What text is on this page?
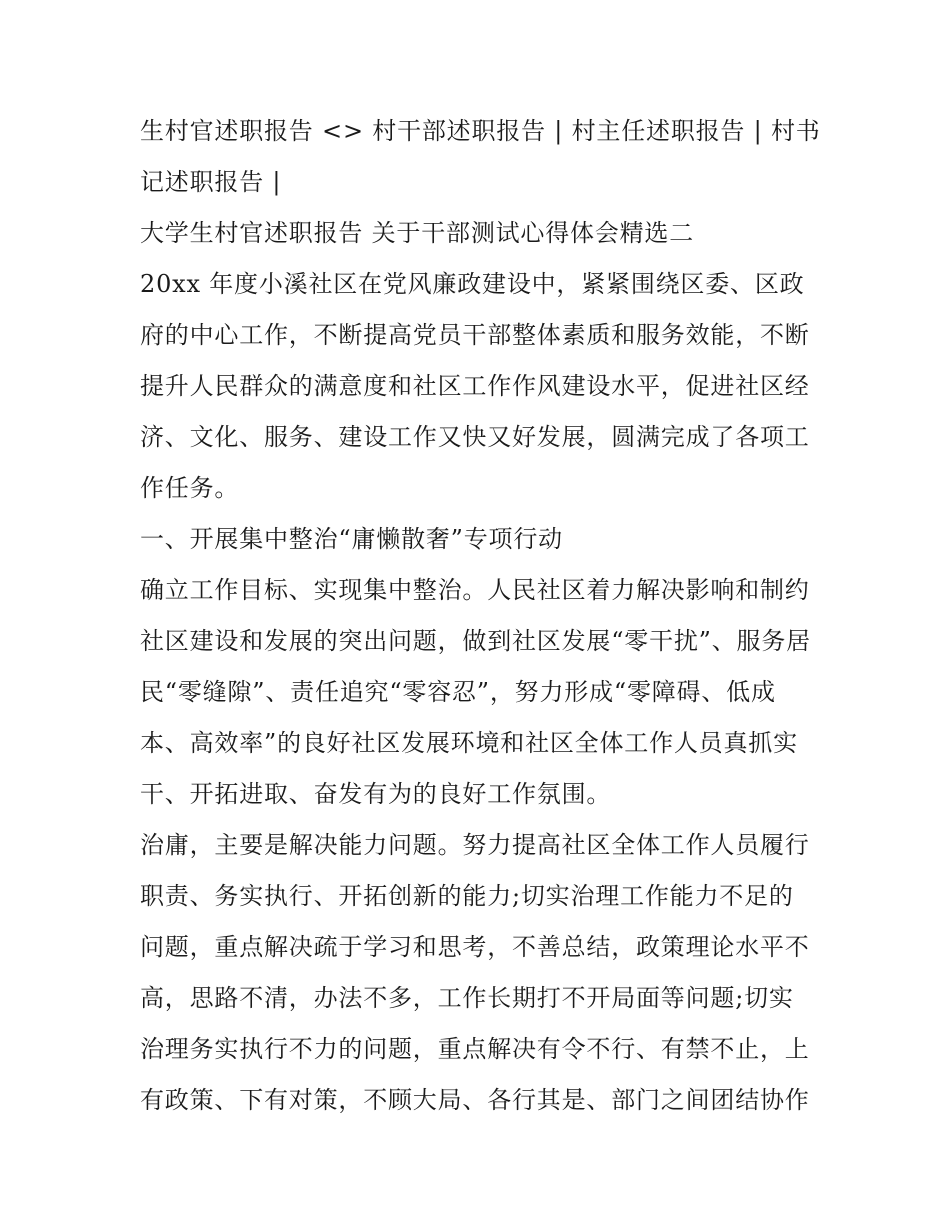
生村官述职报告 <> 村干部述职报告 | 村主任述职报告 | 村书
记述职报告 |
大学生村官述职报告 关于干部测试心得体会精选二
20xx 年度小溪社区在党风廉政建设中，紧紧围绕区委、区政
府的中心工作，不断提高党员干部整体素质和服务效能，不断
提升人民群众的满意度和社区工作作风建设水平，促进社区经
济、文化、服务、建设工作又快又好发展，圆满完成了各项工
作任务。
一、开展集中整治“庸懒散奢”专项行动
确立工作目标、实现集中整治。人民社区着力解决影响和制约
社区建设和发展的突出问题，做到社区发展“零干扰”、服务居
民“零缝隙”、责任追究“零容忍”，努力形成“零障碍、低成
本、高效率”的良好社区发展环境和社区全体工作人员真抓实
干、开拓进取、奋发有为的良好工作氛围。
治庸，主要是解决能力问题。努力提高社区全体工作人员履行
职责、务实执行、开拓创新的能力;切实治理工作能力不足的
问题，重点解决疏于学习和思考，不善总结，政策理论水平不
高，思路不清，办法不多，工作长期打不开局面等问题;切实
治理务实执行不力的问题，重点解决有令不行、有禁不止，上
有政策、下有对策，不顾大局、各行其是、部门之间团结协作
